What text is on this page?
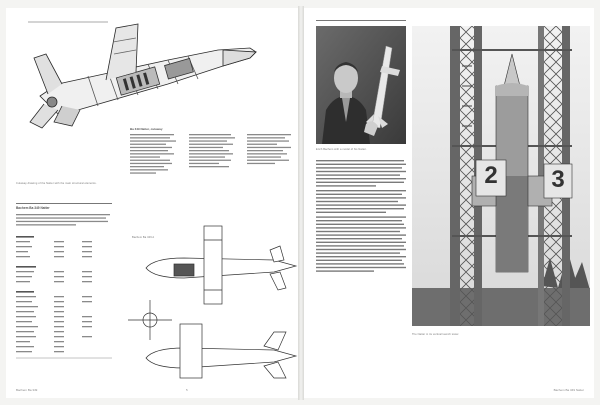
Ba 349 Natter, cutaway
Cutaway drawing of the Natter with the main structural elements.
Bachem Ba 349 Natter
Bachem Ba 349 A
Bachem Ba 349	5
Erich Bachem with a model of his Natter.
2 3
The Natter in its vertical launch tower.
Bachem Ba 349 Natter
